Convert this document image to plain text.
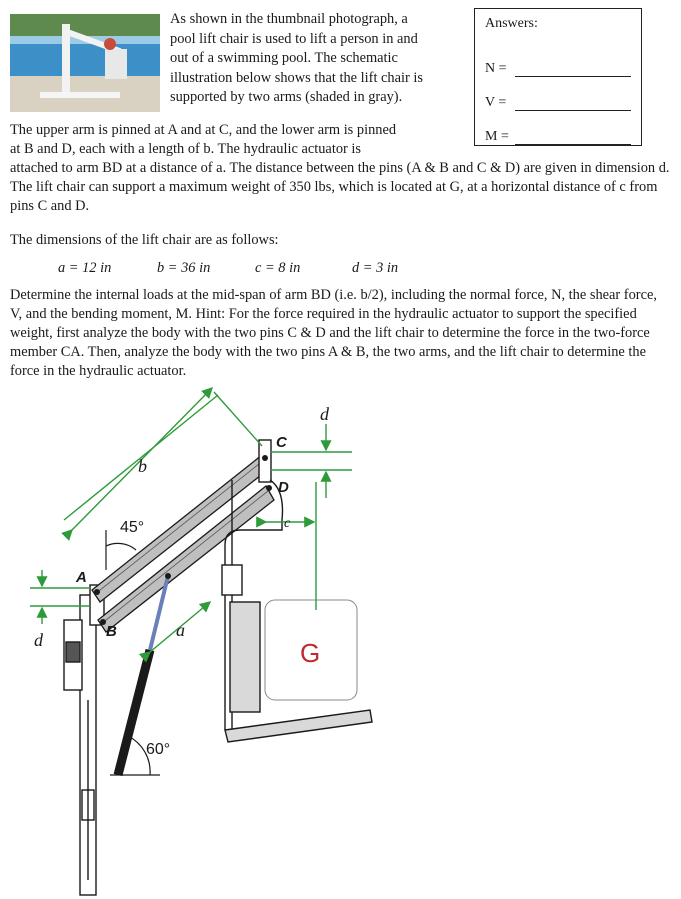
As shown in the thumbnail photograph, a
pool lift chair is used to lift a person in and
out of a swimming pool. The schematic
illustration below shows that the lift chair is
supported by two arms (shaded in gray).
Answers:
N =
V =
M =
The upper arm is pinned at A and at C, and the lower arm is pinned
at B and D, each with a length of b. The hydraulic actuator is
attached to arm BD at a distance of a. The distance between the pins (A & B and C & D) are given in dimension d. The lift chair can support a maximum weight of 350 lbs, which is located at G, at a horizontal distance of c from pins C and D.
The dimensions of the lift chair are as follows:
a = 12 in	b = 36 in	c = 8 in	d = 3 in
Determine the internal loads at the mid-span of arm BD (i.e. b/2), including the normal force, N, the shear force, V, and the bending moment, M. Hint: For the force required in the hydraulic actuator to support the specified weight, first analyze the body with the two pins C & D and the lift chair to determine the force in the two-force member CA. Then, analyze the body with the two pins A & B, the two arms, and the lift chair to determine the force in the hydraulic actuator.
G
b
d
c
d	a
45°
60°
A
B
C
D
